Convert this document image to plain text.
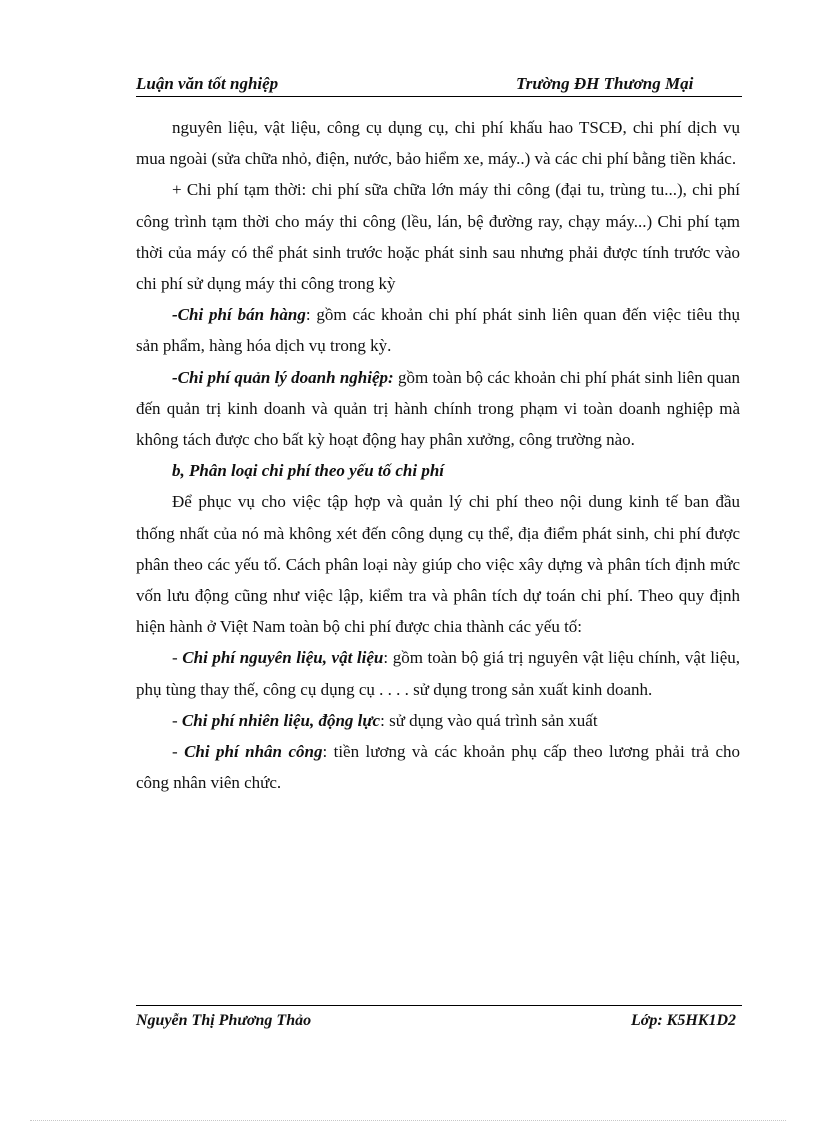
Luận văn tốt nghiệp	Trường ĐH Thương Mại

nguyên liệu, vật liệu, công cụ dụng cụ, chi phí khấu hao TSCĐ, chi phí dịch vụ mua ngoài (sửa chữa nhỏ, điện, nước, bảo hiểm xe, máy..) và các chi phí bằng tiền khác.

+ Chi phí tạm thời: chi phí sữa chữa lớn máy thi công (đại tu, trùng tu...), chi phí công trình tạm thời cho máy thi công (lều, lán, bệ đường ray, chạy máy...) Chi phí tạm thời của máy có thể phát sinh trước hoặc phát sinh sau nhưng phải được tính trước vào chi phí sử dụng máy thi công trong kỳ

-Chi phí bán hàng: gồm các khoản chi phí phát sinh liên quan đến việc tiêu thụ sản phẩm, hàng hóa dịch vụ trong kỳ.

-Chi phí quản lý doanh nghiệp: gồm toàn bộ các khoản chi phí phát sinh liên quan đến quản trị kinh doanh và quản trị hành chính trong phạm vi toàn doanh nghiệp mà không tách được cho bất kỳ hoạt động hay phân xưởng, công trường nào.

b, Phân loại chi phí theo yếu tố chi phí

Để phục vụ cho việc tập hợp và quản lý chi phí theo nội dung kinh tế ban đầu thống nhất của nó mà không xét đến công dụng cụ thể, địa điểm phát sinh, chi phí được phân theo các yếu tố. Cách phân loại này giúp cho việc xây dựng và phân tích định mức vốn lưu động cũng như việc lập, kiểm tra và phân tích dự toán chi phí. Theo quy định hiện hành ở Việt Nam toàn bộ chi phí được chia thành các yếu tố:

- Chi phí nguyên liệu, vật liệu: gồm toàn bộ giá trị nguyên vật liệu chính, vật liệu, phụ tùng thay thế, công cụ dụng cụ . . . . sử dụng trong sản xuất kinh doanh.

- Chi phí nhiên liệu, động lực: sử dụng vào quá trình sản xuất

- Chi phí nhân công: tiền lương và các khoản phụ cấp theo lương phải trả cho công nhân viên chức.

Nguyễn Thị Phương Thảo	Lớp: K5HK1D2
